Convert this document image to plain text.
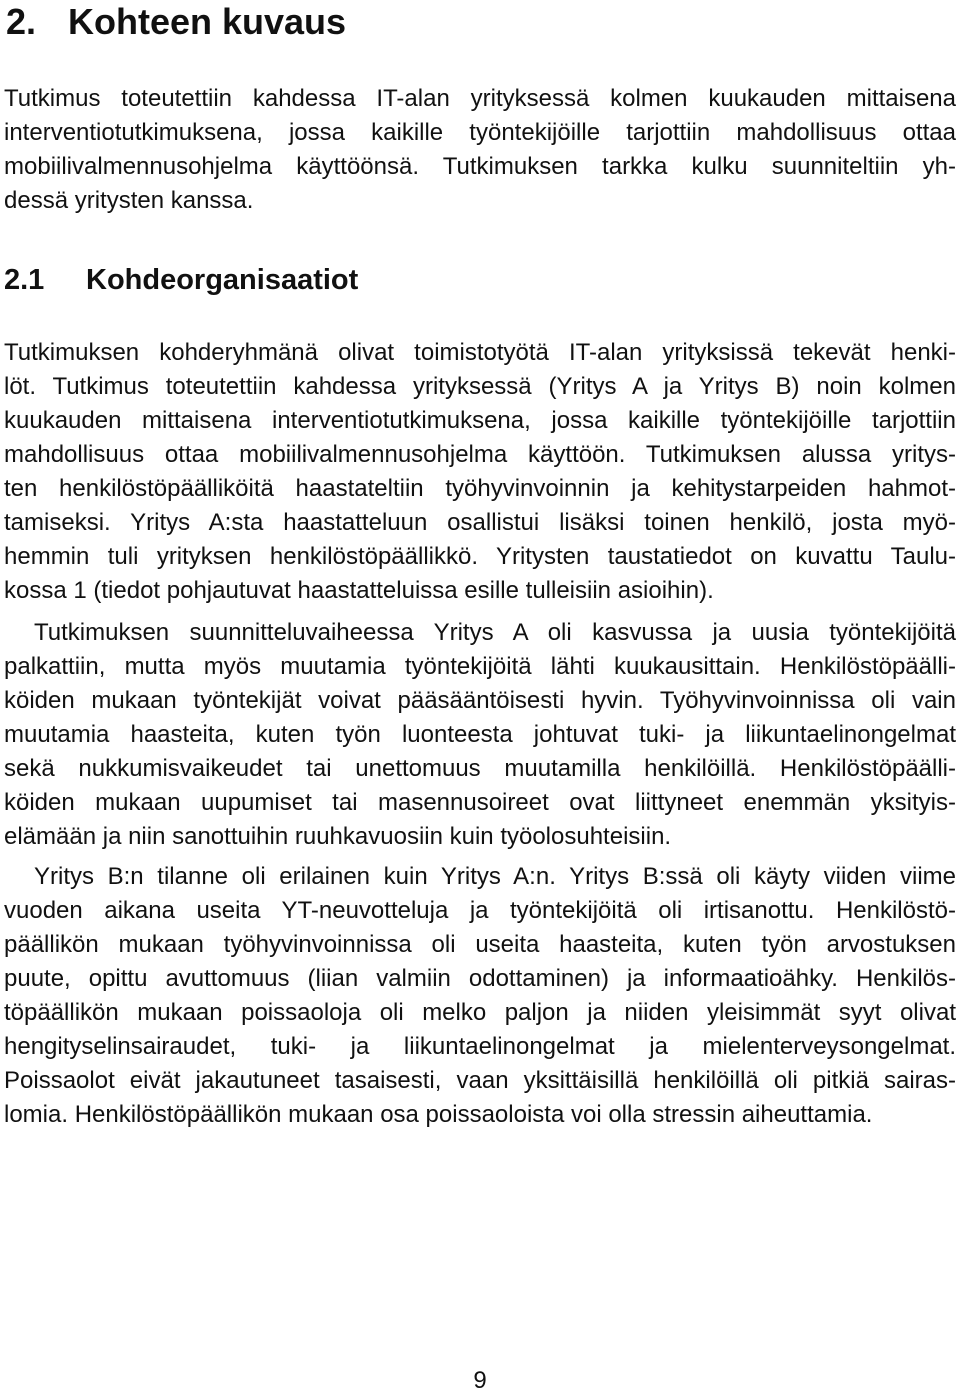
2. Kohteen kuvaus
Tutkimus toteutettiin kahdessa IT-alan yrityksessä kolmen kuukauden mittaisena
interventiotutkimuksena, jossa kaikille työntekijöille tarjottiin mahdollisuus ottaa
mobiilivalmennusohjelma käyttöönsä. Tutkimuksen tarkka kulku suunniteltiin yh-
dessä yritysten kanssa.
2.1 Kohdeorganisaatiot
Tutkimuksen kohderyhmänä olivat toimistotyötä IT-alan yrityksissä tekevät henki-
löt. Tutkimus toteutettiin kahdessa yrityksessä (Yritys A ja Yritys B) noin kolmen
kuukauden mittaisena interventiotutkimuksena, jossa kaikille työntekijöille tarjottiin
mahdollisuus ottaa mobiilivalmennusohjelma käyttöön. Tutkimuksen alussa yritys-
ten henkilöstöpäälliköitä haastateltiin työhyvinvoinnin ja kehitystarpeiden hahmot-
tamiseksi. Yritys A:sta haastatteluun osallistui lisäksi toinen henkilö, josta myö-
hemmin tuli yrityksen henkilöstöpäällikkö. Yritysten taustatiedot on kuvattu Taulu-
kossa 1 (tiedot pohjautuvat haastatteluissa esille tulleisiin asioihin).
Tutkimuksen suunnitteluvaiheessa Yritys A oli kasvussa ja uusia työntekijöitä
palkattiin, mutta myös muutamia työntekijöitä lähti kuukausittain. Henkilöstöpäälli-
köiden mukaan työntekijät voivat pääsääntöisesti hyvin. Työhyvinvoinnissa oli vain
muutamia haasteita, kuten työn luonteesta johtuvat tuki- ja liikuntaelinongelmat
sekä nukkumisvaikeudet tai unettomuus muutamilla henkilöillä. Henkilöstöpäälli-
köiden mukaan uupumiset tai masennusoireet ovat liittyneet enemmän yksityis-
elämään ja niin sanottuihin ruuhkavuosiin kuin työolosuhteisiin.
Yritys B:n tilanne oli erilainen kuin Yritys A:n. Yritys B:ssä oli käyty viiden viime
vuoden aikana useita YT-neuvotteluja ja työntekijöitä oli irtisanottu. Henkilöstö-
päällikön mukaan työhyvinvoinnissa oli useita haasteita, kuten työn arvostuksen
puute, opittu avuttomuus (liian valmiin odottaminen) ja informaatioähky. Henkilös-
töpäällikön mukaan poissaoloja oli melko paljon ja niiden yleisimmät syyt olivat
hengityselinsairaudet, tuki- ja liikuntaelinongelmat ja mielenterveysongelmat.
Poissaolot eivät jakautuneet tasaisesti, vaan yksittäisillä henkilöillä oli pitkiä sairas-
lomia. Henkilöstöpäällikön mukaan osa poissaoloista voi olla stressin aiheuttamia.
9
